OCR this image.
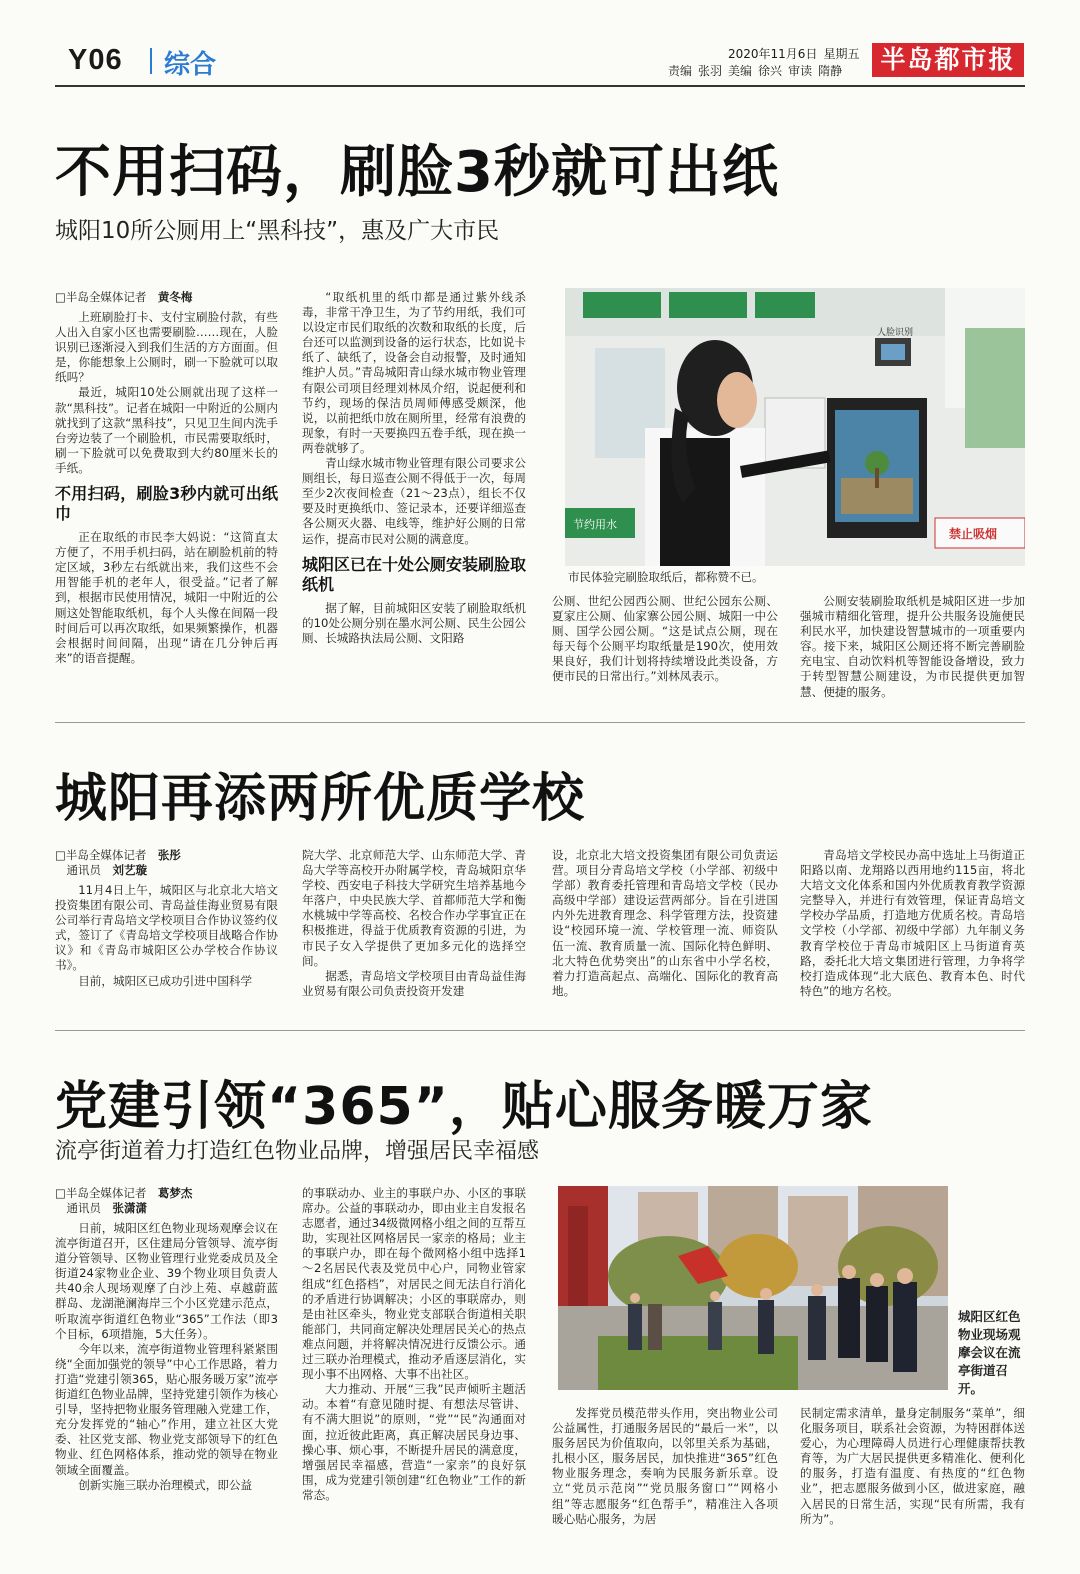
Y06 综合	2020年11月6日 星期五
责编 张羽 美编 徐兴 审读 隋静	半岛都市报
不用扫码，刷脸3秒就可出纸
城阳10所公厕用上“黑科技”，惠及广大市民
□半岛全媒体记者　 黄冬梅

上班刷脸打卡、支付宝刷脸付款，有些人出入自家小区也需要刷脸……现在，人脸识别已逐渐浸入到我们生活的方方面面。但是，你能想象上公厕时，刷一下脸就可以取纸吗？

最近，城阳10处公厕就出现了这样一款“黑科技”。记者在城阳一中附近的公厕内就找到了这款“黑科技”，只见卫生间内洗手台旁边装了一个刷脸机，市民需要取纸时，刷一下脸就可以免费取到大约80厘米长的手纸。

不用扫码，刷脸3秒内就可出纸巾

正在取纸的市民李大妈说：“这简直太方便了，不用手机扫码，站在刷脸机前的特定区域，3秒左右纸就出来，我们这些不会用智能手机的老年人，很受益。”记者了解到，根据市民使用情况，城阳一中附近的公厕这处智能取纸机，每个人头像在间隔一段时间后可以再次取纸，如果频繁操作，机器会根据时间间隔，出现“请在几分钟后再来”的语音提醒。

“取纸机里的纸巾都是通过紫外线杀毒，非常干净卫生，为了节约用纸，我们可以设定市民们取纸的次数和取纸的长度，后台还可以监测到设备的运行状态，比如说卡纸了、缺纸了，设备会自动报警，及时通知维护人员。”青岛城阳青山绿水城市物业管理有限公司项目经理刘林凤介绍，说起便利和节约，现场的保洁员周师傅感受颇深，他说，以前把纸巾放在厕所里，经常有浪费的现象，有时一天要换四五卷手纸，现在换一两卷就够了。

青山绿水城市物业管理有限公司要求公厕组长，每日巡查公厕不得低于一次，每周至少2次夜间检查（21～23点），组长不仅要及时更换纸巾、签记录本，还要详细巡查各公厕灭火器、电线等，维护好公厕的日常运作，提高市民对公厕的满意度。

城阳区已在十处公厕安装刷脸取纸机

据了解，目前城阳区安装了刷脸取纸机的10处公厕分别在墨水河公厕、民生公园公厕、长城路执法局公厕、文阳路

人脸识别
禁止吸烟
节约用水
市民体验完刷脸取纸后，都称赞不已。

公厕、世纪公园西公厕、世纪公园东公厕、夏家庄公厕、仙家寨公园公厕、城阳一中公厕、国学公园公厕。“这是试点公厕，现在每天每个公厕平均取纸量是190次，使用效果良好，我们计划将持续增设此类设备，方便市民的日常出行。”刘林凤表示。

公厕安装刷脸取纸机是城阳区进一步加强城市精细化管理，提升公共服务设施便民利民水平，加快建设智慧城市的一项重要内容。接下来，城阳区公厕还将不断完善刷脸充电宝、自动饮料机等智能设备增设，致力于转型智慧公厕建设，为市民提供更加智慧、便捷的服务。

城阳再添两所优质学校
□半岛全媒体记者　 张彤
　通讯员　 刘艺璇

11月4日上午，城阳区与北京北大培文投资集团有限公司、青岛益佳海业贸易有限公司举行青岛培文学校项目合作协议签约仪式，签订了《青岛培文学校项目战略合作协议》和《青岛市城阳区公办学校合作协议书》。

目前，城阳区已成功引进中国科学

院大学、北京师范大学、山东师范大学、青岛大学等高校开办附属学校，青岛城阳京华学校、西安电子科技大学研究生培养基地今年落户，中央民族大学、首都师范大学和衡水桃城中学等高校、名校合作办学事宜正在积极推进，得益于优质教育资源的引进，为市民子女入学提供了更加多元化的选择空间。

据悉，青岛培文学校项目由青岛益佳海业贸易有限公司负责投资开发建

设，北京北大培文投资集团有限公司负责运营。项目分青岛培文学校（小学部、初级中学部）教育委托管理和青岛培文学校（民办高级中学部）建设运营两部分。旨在引进国内外先进教育理念、科学管理方法，投资建设“校园环境一流、学校管理一流、师资队伍一流、教育质量一流、国际化特色鲜明、北大特色优势突出”的山东省中小学名校，着力打造高起点、高端化、国际化的教育高地。

青岛培文学校民办高中选址上马街道正阳路以南、龙翔路以西用地约115亩，将北大培文文化体系和国内外优质教育教学资源完整导入，并进行有效管理，保证青岛培文学校办学品质，打造地方优质名校。青岛培文学校（小学部、初级中学部）九年制义务教育学校位于青岛市城阳区上马街道育英路，委托北大培文集团进行管理，力争将学校打造成体现“北大底色、教育本色、时代特色”的地方名校。

党建引领“365”，贴心服务暖万家
流亭街道着力打造红色物业品牌，增强居民幸福感
□半岛全媒体记者　 葛梦杰
　通讯员　 张潇潇

日前，城阳区红色物业现场观摩会议在流亭街道召开，区住建局分管领导、流亭街道分管领导、区物业管理行业党委成员及全街道24家物业企业、39个物业项目负责人共40余人现场观摩了白沙上苑、卓越蔚蓝群岛、龙湖滟澜海岸三个小区党建示范点，听取流亭街道红色物业“365”工作法（即3个目标，6项措施，5大任务）。

今年以来，流亭街道物业管理科紧紧围绕“全面加强党的领导”中心工作思路，着力打造“党建引领365，贴心服务暖万家”流亭街道红色物业品牌，坚持党建引领作为核心引导，坚持把物业服务管理融入党建工作，充分发挥党的“轴心”作用，建立社区大党委、社区党支部、物业党支部领导下的红色物业、红色网格体系，推动党的领导在物业领域全面覆盖。

创新实施三联办治理模式，即公益

的事联动办、业主的事联户办、小区的事联席办。公益的事联动办，即由业主自发报名志愿者，通过34级微网格小组之间的互帮互助，实现社区网格居民一家亲的格局；业主的事联户办，即在每个微网格小组中选择1～2名居民代表及党员中心户，同物业管家组成“红色搭档”，对居民之间无法自行消化的矛盾进行协调解决；小区的事联席办，则是由社区牵头，物业党支部联合街道相关职能部门，共同商定解决处理居民关心的热点难点问题，并将解决情况进行反馈公示。通过三联办治理模式，推动矛盾逐层消化，实现小事不出网格、大事不出社区。

大力推动、开展“三我”民声倾听主题活动。本着“有意见随时提、有想法尽管讲、有不满大胆说”的原则，“党”“民”沟通面对面，拉近彼此距离，真正解决居民身边事、操心事、烦心事，不断提升居民的满意度，增强居民幸福感，营造“一家亲”的良好氛围，成为党建引领创建“红色物业”工作的新常态。

城阳区红色物业现场观摩会议在流亭街道召开。

发挥党员模范带头作用，突出物业公司公益属性，打通服务居民的“最后一米”，以服务居民为价值取向，以邻里关系为基础，扎根小区，服务居民，加快推进“365”红色物业服务理念，奏响为民服务新乐章。设立“党员示范岗”“党员服务窗口”“网格小组”等志愿服务“红色帮手”，精准注入各项暖心贴心服务，为居

民制定需求清单，量身定制服务“菜单”，细化服务项目，联系社会资源，为特困群体送爱心，为心理障碍人员进行心理健康帮扶教育等，为广大居民提供更多精准化、便利化的服务，打造有温度、有热度的“红色物业”，把志愿服务做到小区，做进家庭，融入居民的日常生活，实现“民有所需，我有所为”。
